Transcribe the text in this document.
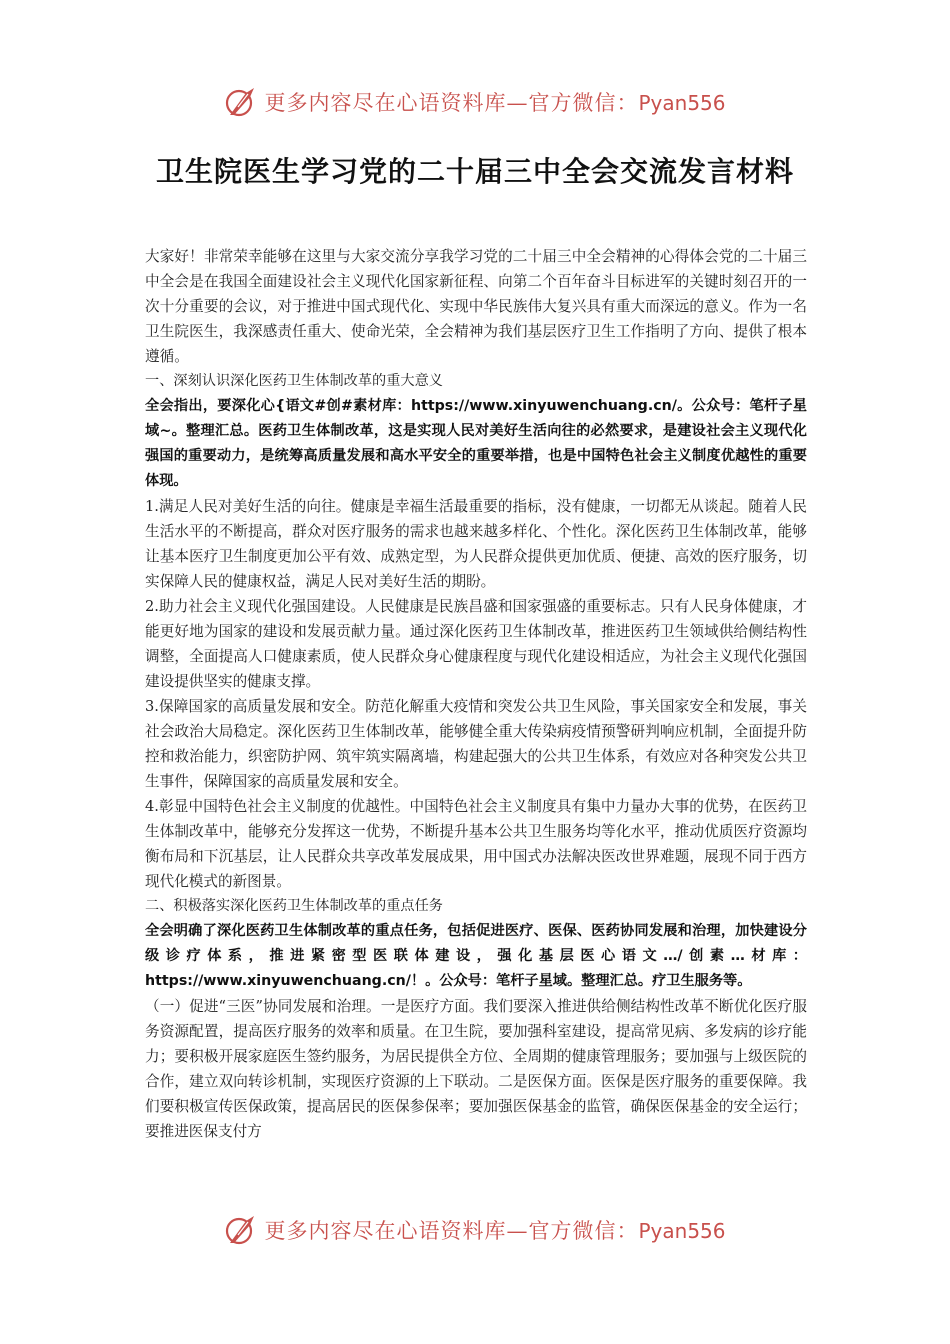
更多内容尽在心语资料库—官方微信：Pyan556
卫生院医生学习党的二十届三中全会交流发言材料

大家好！非常荣幸能够在这里与大家交流分享我学习党的二十届三中全会精神的心得体会党的二十届三中全会是在我国全面建设社会主义现代化国家新征程、向第二个百年奋斗目标进军的关键时刻召开的一次十分重要的会议，对于推进中国式现代化、实现中华民族伟大复兴具有重大而深远的意义。作为一名卫生院医生，我深感责任重大、使命光荣，全会精神为我们基层医疗卫生工作指明了方向、提供了根本遵循。

一、深刻认识深化医药卫生体制改革的重大意义

全会指出，要深化心{语文#创#素材库：https://www.xinyuwenchuang.cn/。公众号：笔杆子星域~。整理汇总。医药卫生体制改革，这是实现人民对美好生活向往的必然要求，是建设社会主义现代化强国的重要动力，是统筹高质量发展和高水平安全的重要举措，也是中国特色社会主义制度优越性的重要体现。

1.满足人民对美好生活的向往。健康是幸福生活最重要的指标，没有健康，一切都无从谈起。随着人民生活水平的不断提高，群众对医疗服务的需求也越来越多样化、个性化。深化医药卫生体制改革，能够让基本医疗卫生制度更加公平有效、成熟定型，为人民群众提供更加优质、便捷、高效的医疗服务，切实保障人民的健康权益，满足人民对美好生活的期盼。

2.助力社会主义现代化强国建设。人民健康是民族昌盛和国家强盛的重要标志。只有人民身体健康，才能更好地为国家的建设和发展贡献力量。通过深化医药卫生体制改革，推进医药卫生领域供给侧结构性调整，全面提高人口健康素质，使人民群众身心健康程度与现代化建设相适应，为社会主义现代化强国建设提供坚实的健康支撑。

3.保障国家的高质量发展和安全。防范化解重大疫情和突发公共卫生风险，事关国家安全和发展，事关社会政治大局稳定。深化医药卫生体制改革，能够健全重大传染病疫情预警研判响应机制，全面提升防控和救治能力，织密防护网、筑牢筑实隔离墙，构建起强大的公共卫生体系，有效应对各种突发公共卫生事件，保障国家的高质量发展和安全。

4.彰显中国特色社会主义制度的优越性。中国特色社会主义制度具有集中力量办大事的优势，在医药卫生体制改革中，能够充分发挥这一优势，不断提升基本公共卫生服务均等化水平，推动优质医疗资源均衡布局和下沉基层，让人民群众共享改革发展成果，用中国式办法解决医改世界难题，展现不同于西方现代化模式的新图景。

二、积极落实深化医药卫生体制改革的重点任务

全会明确了深化医药卫生体制改革的重点任务，包括促进医疗、医保、医药协同发展和治理，加快建设分级诊疗体系，推进紧密型医联体建设，强化基层医心语文…/创素…材库：https://www.xinyuwenchuang.cn/！。公众号：笔杆子星域。整理汇总。疗卫生服务等。

（一）促进“三医”协同发展和治理。一是医疗方面。我们要深入推进供给侧结构性改革不断优化医疗服务资源配置，提高医疗服务的效率和质量。在卫生院，要加强科室建设，提高常见病、多发病的诊疗能力；要积极开展家庭医生签约服务，为居民提供全方位、全周期的健康管理服务；要加强与上级医院的合作，建立双向转诊机制，实现医疗资源的上下联动。二是医保方面。医保是医疗服务的重要保障。我们要积极宣传医保政策，提高居民的医保参保率；要加强医保基金的监管，确保医保基金的安全运行；要推进医保支付方

更多内容尽在心语资料库—官方微信：Pyan556
